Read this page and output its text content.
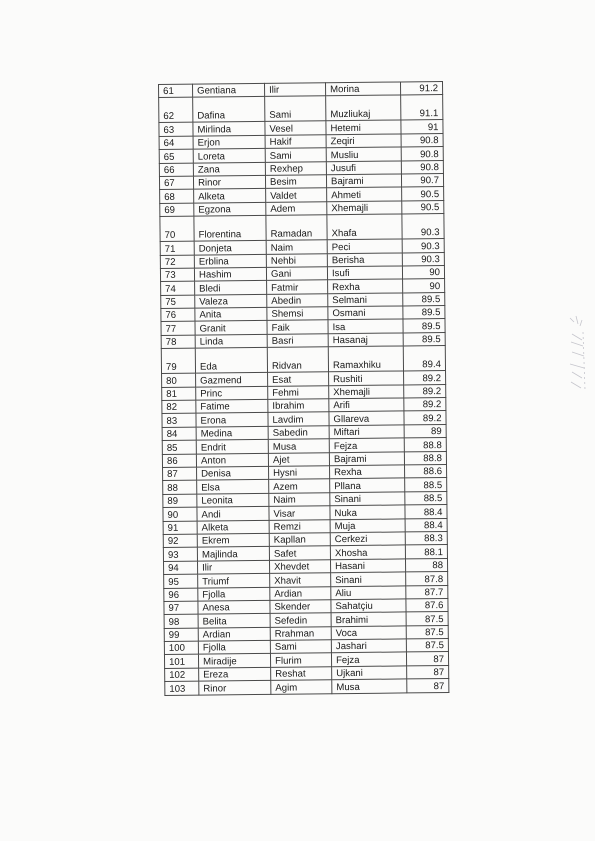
61	Gentiana	Ilir	Morina	91.2
62	Dafina	Sami	Muzliukaj	91.1
63	Mirlinda	Vesel	Hetemi	91
64	Erjon	Hakif	Zeqiri	90.8
65	Loreta	Sami	Musliu	90.8
66	Zana	Rexhep	Jusufi	90.8
67	Rinor	Besim	Bajrami	90.7
68	Alketa	Valdet	Ahmeti	90.5
69	Egzona	Adem	Xhemajli	90.5
70	Florentina	Ramadan	Xhafa	90.3
71	Donjeta	Naim	Peci	90.3
72	Erblina	Nehbi	Berisha	90.3
73	Hashim	Gani	Isufi	90
74	Bledi	Fatmir	Rexha	90
75	Valeza	Abedin	Selmani	89.5
76	Anita	Shemsi	Osmani	89.5
77	Granit	Faik	Isa	89.5
78	Linda	Basri	Hasanaj	89.5
79	Eda	Ridvan	Ramaxhiku	89.4
80	Gazmend	Esat	Rushiti	89.2
81	Princ	Fehmi	Xhemajli	89.2
82	Fatime	Ibrahim	Arifi	89.2
83	Erona	Lavdim	Gllareva	89.2
84	Medina	Sabedin	Miftari	89
85	Endrit	Musa	Fejza	88.8
86	Anton	Ajet	Bajrami	88.8
87	Denisa	Hysni	Rexha	88.6
88	Elsa	Azem	Pllana	88.5
89	Leonita	Naim	Sinani	88.5
90	Andi	Visar	Nuka	88.4
91	Alketa	Remzi	Muja	88.4
92	Ekrem	Kapllan	Cerkezi	88.3
93	Majlinda	Safet	Xhosha	88.1
94	Ilir	Xhevdet	Hasani	88
95	Triumf	Xhavit	Sinani	87.8
96	Fjolla	Ardian	Aliu	87.7
97	Anesa	Skender	Sahatçiu	87.6
98	Belita	Sefedin	Brahimi	87.5
99	Ardian	Rrahman	Voca	87.5
100	Fjolla	Sami	Jashari	87.5
101	Miradije	Flurim	Fejza	87
102	Ereza	Reshat	Ujkani	87
103	Rinor	Agim	Musa	87
